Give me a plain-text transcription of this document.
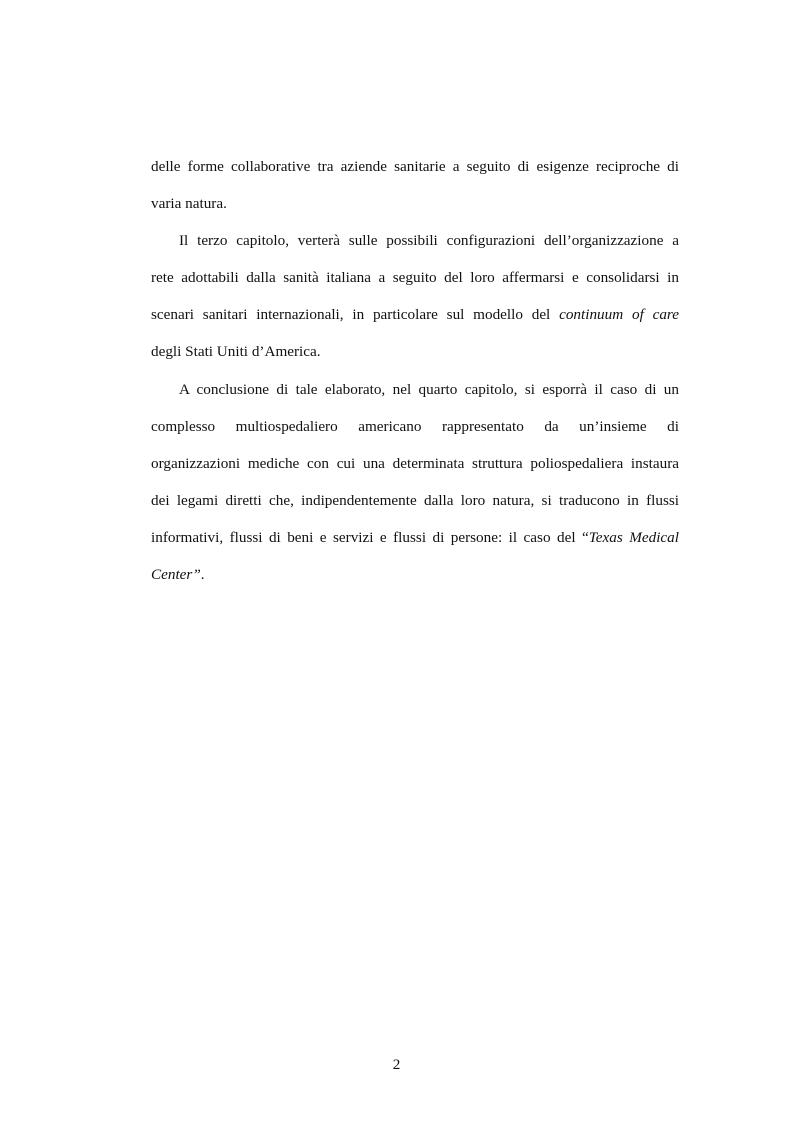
delle forme collaborative tra aziende sanitarie a seguito di esigenze reciproche di
varia natura.

Il terzo capitolo, verterà sulle possibili configurazioni dell’organizzazione a
rete adottabili dalla sanità italiana a seguito del loro affermarsi e consolidarsi in
scenari sanitari internazionali, in particolare sul modello del continuum of care
degli Stati Uniti d’America.

A conclusione di tale elaborato, nel quarto capitolo, si esporrà il caso di un
complesso multiospedaliero americano rappresentato da un’insieme di
organizzazioni mediche con cui una determinata struttura poliospedaliera instaura
dei legami diretti che, indipendentemente dalla loro natura, si traducono in flussi
informativi, flussi di beni e servizi e flussi di persone: il caso del “Texas Medical
Center”.

2
